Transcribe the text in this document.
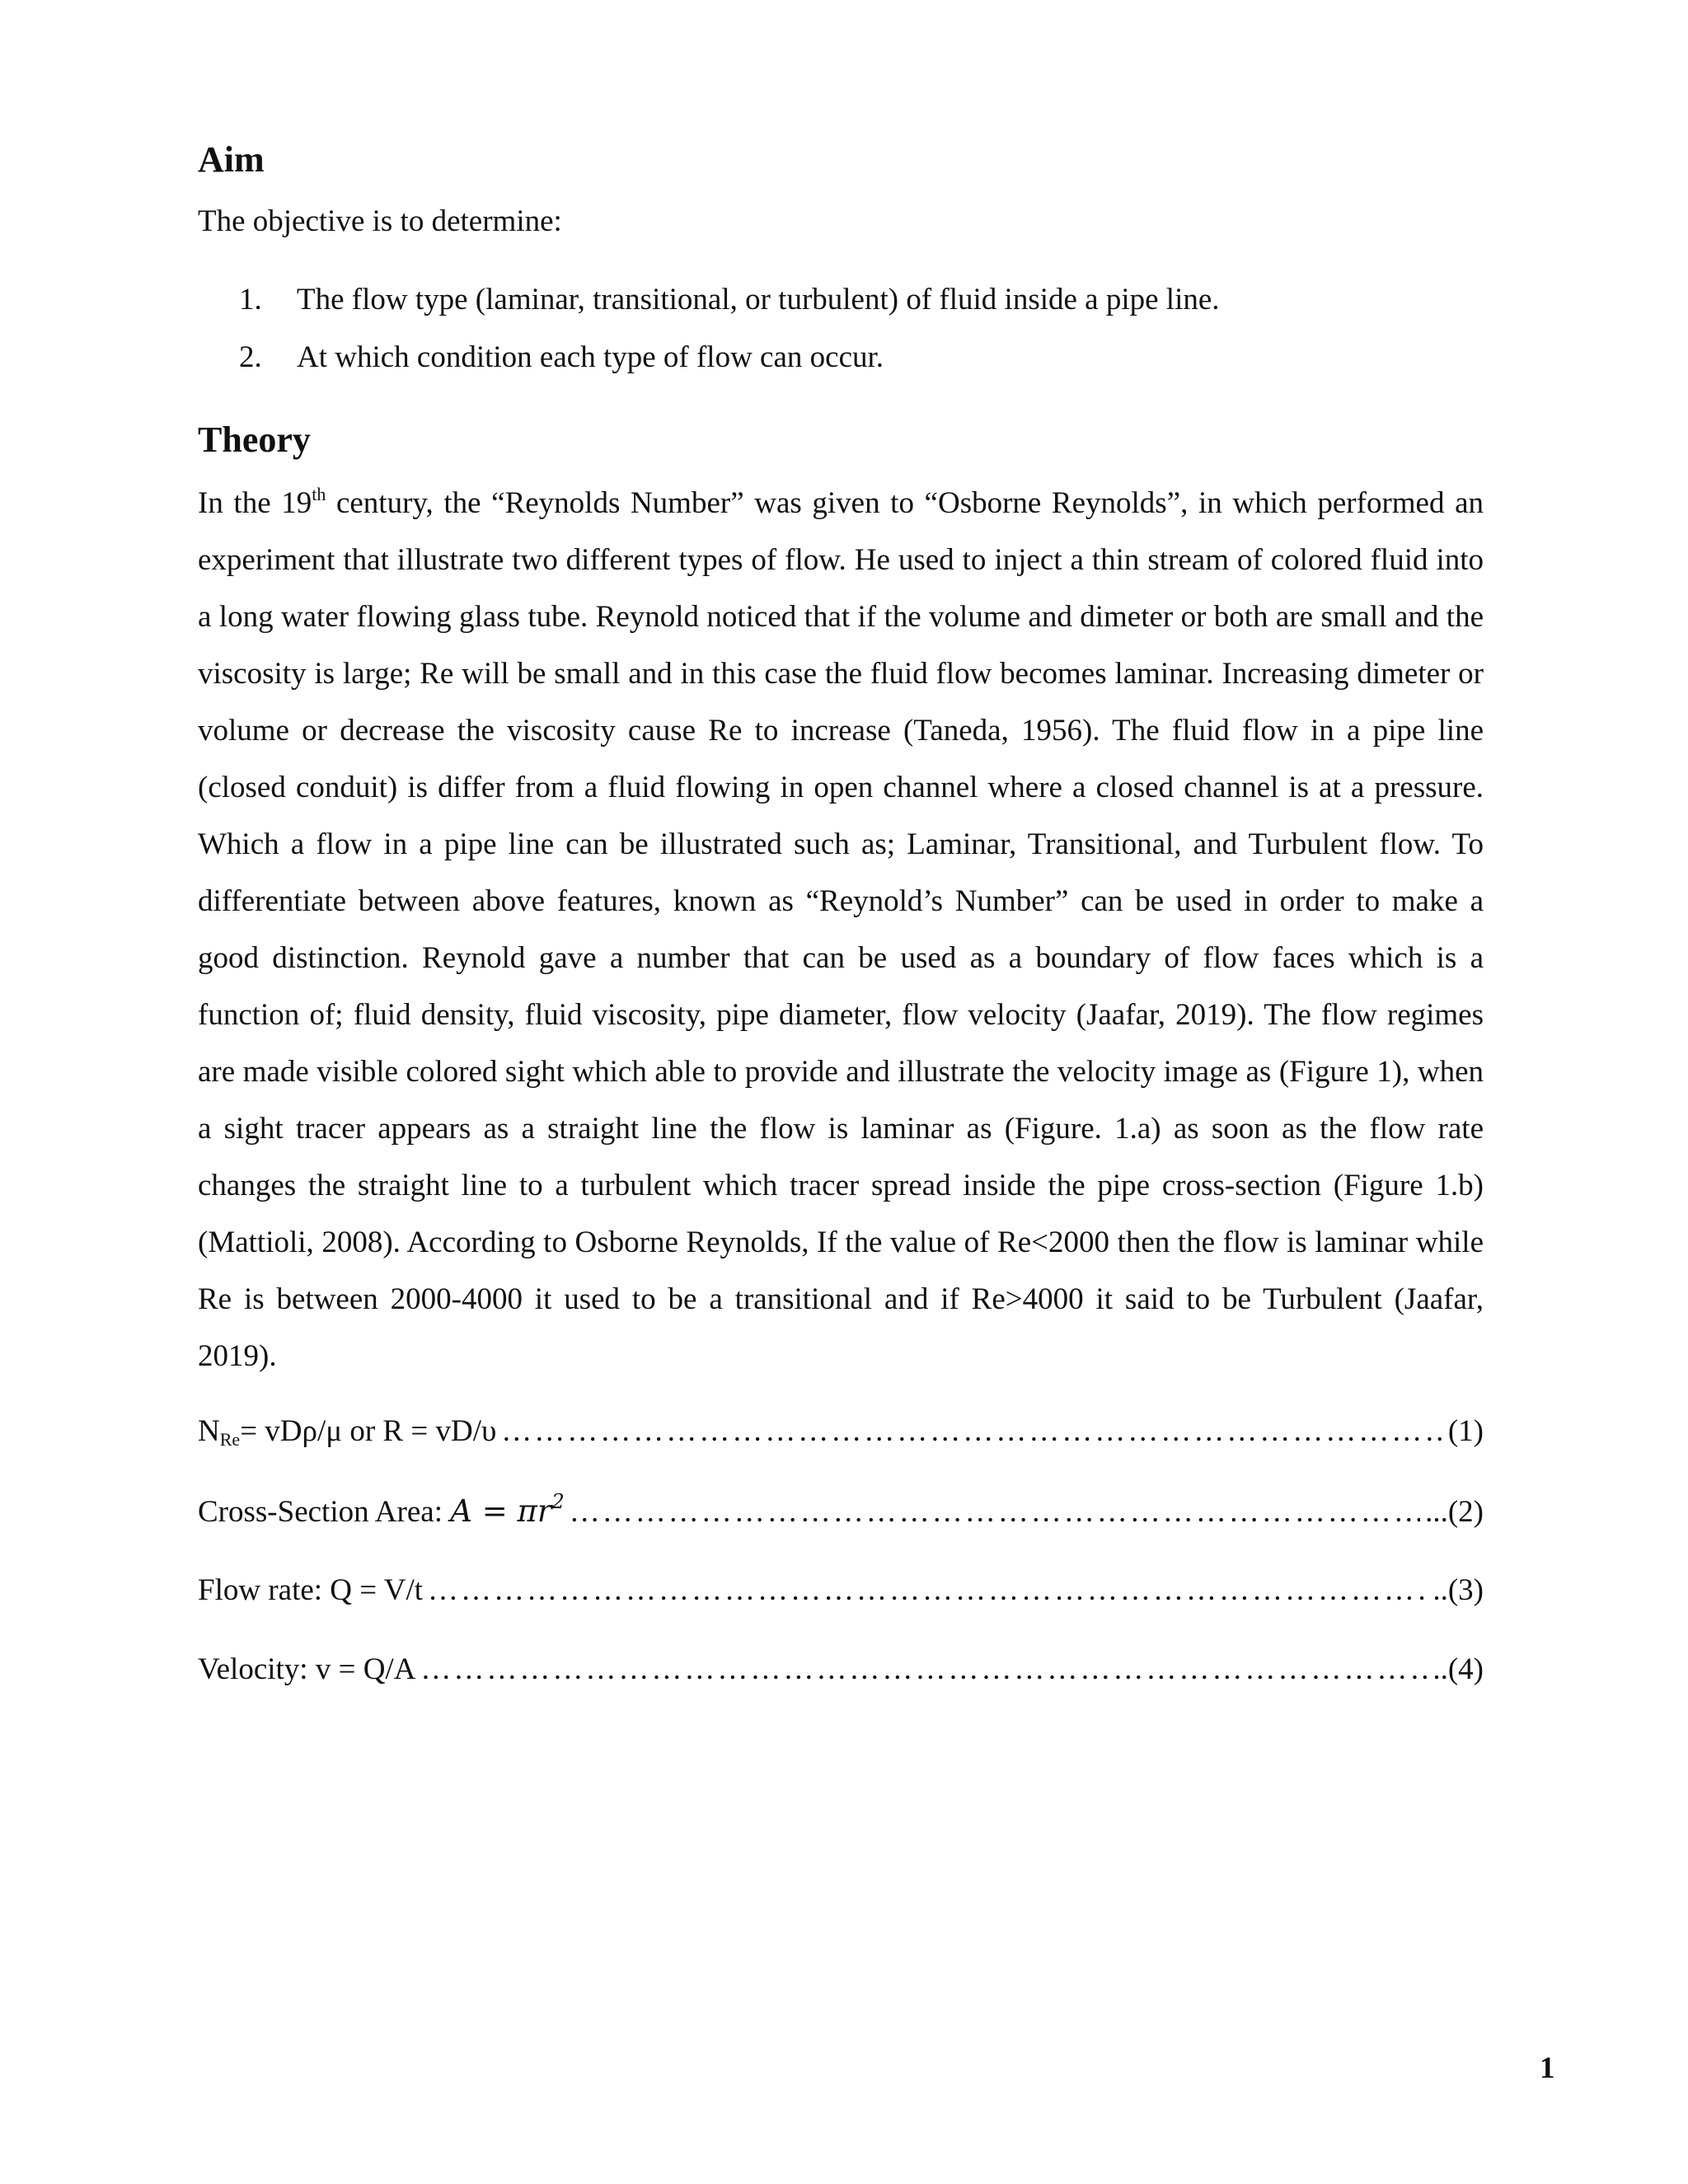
Aim

The objective is to determine:

1.	The flow type (laminar, transitional, or turbulent) of fluid inside a pipe line.
2.	At which condition each type of flow can occur.
Theory

In the 19th century, the “Reynolds Number” was given to “Osborne Reynolds”, in which performed an experiment that illustrate two different types of flow. He used to inject a thin stream of colored fluid into a long water flowing glass tube. Reynold noticed that if the volume and dimeter or both are small and the viscosity is large; Re will be small and in this case the fluid flow becomes laminar. Increasing dimeter or volume or decrease the viscosity cause Re to increase (Taneda, 1956). The fluid flow in a pipe line (closed conduit) is differ from a fluid flowing in open channel where a closed channel is at a pressure. Which a flow in a pipe line can be illustrated such as; Laminar, Transitional, and Turbulent flow. To differentiate between above features, known as “Reynold’s Number” can be used in order to make a good distinction. Reynold gave a number that can be used as a boundary of flow faces which is a function of; fluid density, fluid viscosity, pipe diameter, flow velocity (Jaafar, 2019). The flow regimes are made visible colored sight which able to provide and illustrate the velocity image as (Figure 1), when a sight tracer appears as a straight line the flow is laminar as (Figure. 1.a) as soon as the flow rate changes the straight line to a turbulent which tracer spread inside the pipe cross-section (Figure 1.b) (Mattioli, 2008). According to Osborne Reynolds, If the value of Re<2000 then the flow is laminar while Re is between 2000-4000 it used to be a transitional and if Re>4000 it said to be Turbulent (Jaafar, 2019).

$N_{Re}= vD\rho/\mu$ or R = vD/υ …………………………………………………………………………………………………………………………………………………	(1)
Cross-Section Area: $A = \pi r^2$ …………………………………………………………………………………………………………………………………………………	...(2)
Flow rate: Q = V/t …………………………………………………………………………………………………………………………………………………	..(3)
Velocity: v = Q/A …………………………………………………………………………………………………………………………………………………	..(4)
1
